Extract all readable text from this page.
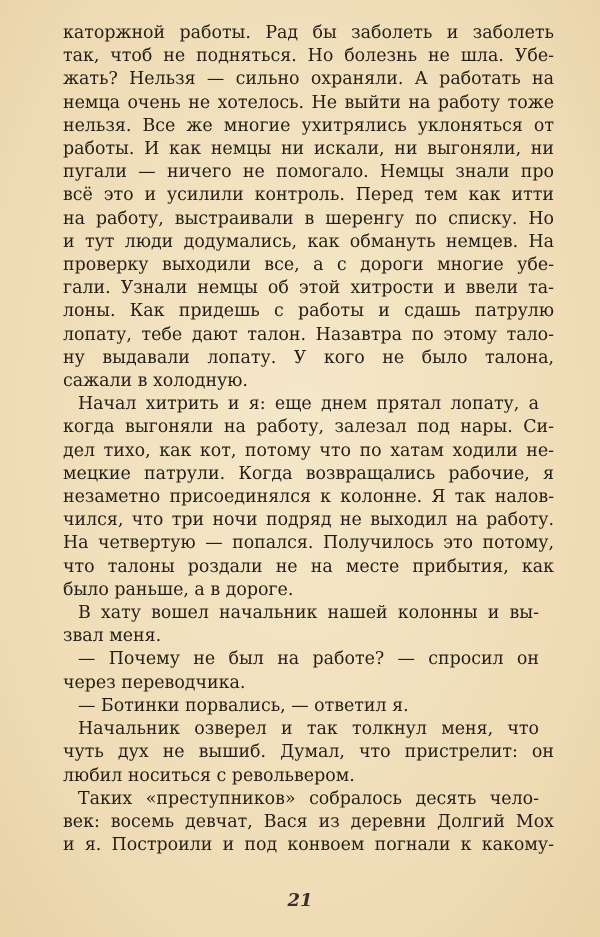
каторжной работы. Рад бы заболеть и заболеть
так, чтоб не подняться. Но болезнь не шла. Убе-
жать? Нельзя — сильно охраняли. А работать на
немца очень не хотелось. Не выйти на работу тоже
нельзя. Все же многие ухитрялись уклоняться от
работы. И как немцы ни искали, ни выгоняли, ни
пугали — ничего не помогало. Немцы знали про
всё это и усилили контроль. Перед тем как итти
на работу, выстраивали в шеренгу по списку. Но
и тут люди додумались, как обмануть немцев. На
проверку выходили все, а с дороги многие убе-
гали. Узнали немцы об этой хитрости и ввели та-
лоны. Как придешь с работы и сдашь патрулю
лопату, тебе дают талон. Назавтра по этому тало-
ну выдавали лопату. У кого не было талона,
сажали в холодную.
Начал хитрить и я: еще днем прятал лопату, а
когда выгоняли на работу, залезал под нары. Си-
дел тихо, как кот, потому что по хатам ходили не-
мецкие патрули. Когда возвращались рабочие, я
незаметно присоединялся к колонне. Я так налов-
чился, что три ночи подряд не выходил на работу.
На четвертую — попался. Получилось это потому,
что талоны роздали не на месте прибытия, как
было раньше, а в дороге.
В хату вошел начальник нашей колонны и вы-
звал меня.
— Почему не был на работе? — спросил он
через переводчика.
— Ботинки порвались, — ответил я.
Начальник озверел и так толкнул меня, что
чуть дух не вышиб. Думал, что пристрелит: он
любил носиться с револьвером.
Таких «преступников» собралось десять чело-
век: восемь девчат, Вася из деревни Долгий Мох
и я. Построили и под конвоем погнали к какому-
21
